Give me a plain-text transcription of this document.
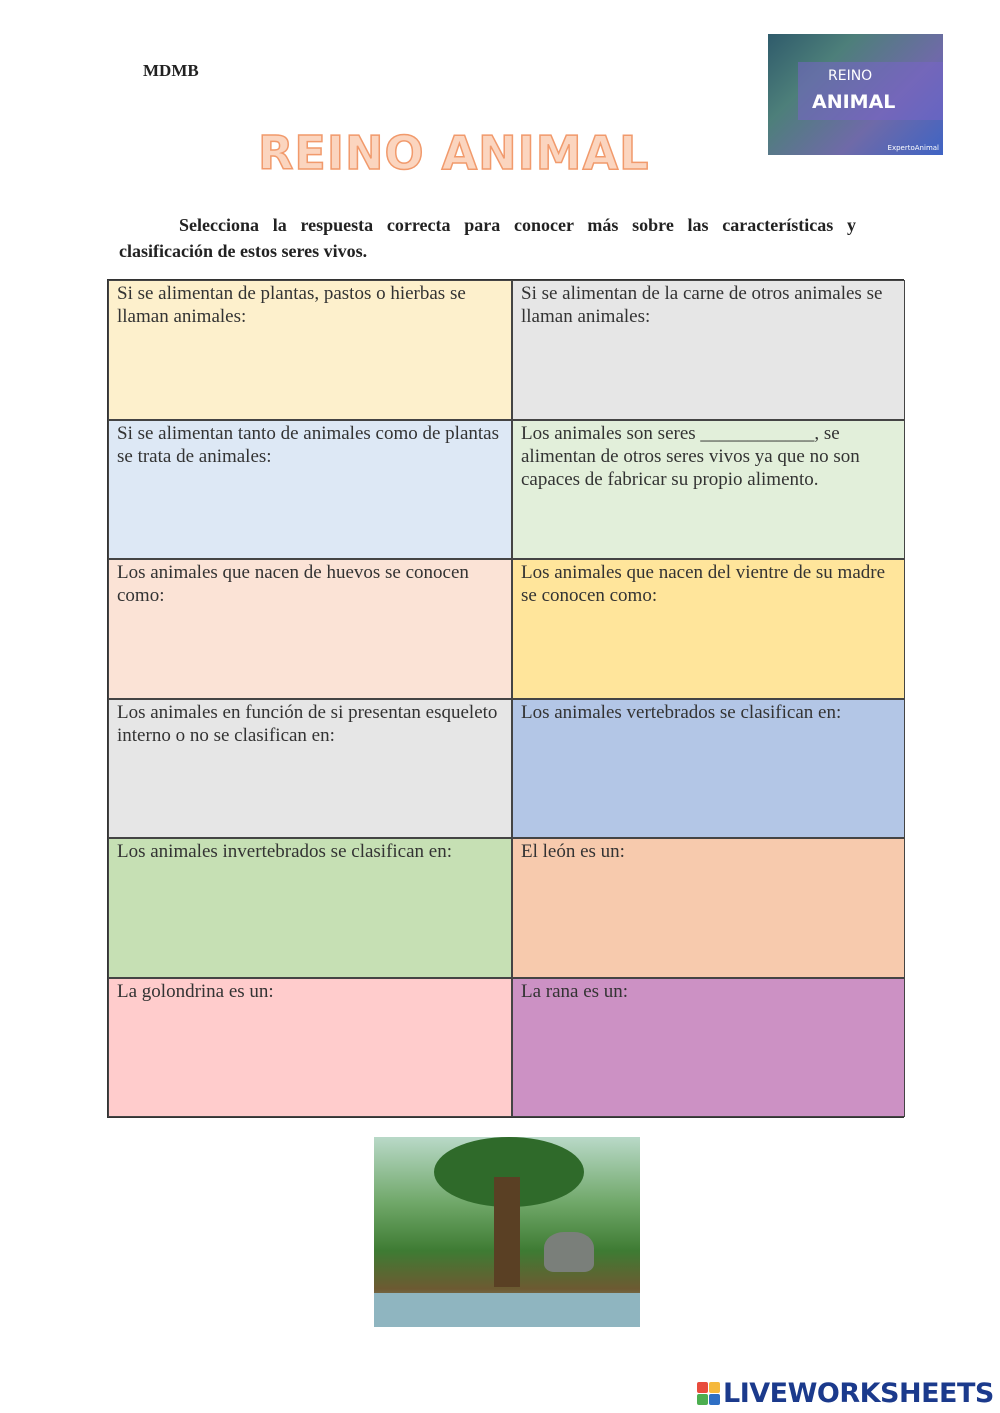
MDMB
REINO ANIMAL
REINO
ANIMAL
ExpertoAnimal

Selecciona la respuesta correcta para conocer más sobre las características y clasificación de estos seres vivos.

Si se alimentan de plantas, pastos o hierbas se llaman animales:
Si se alimentan de la carne de otros animales se llaman animales:
Si se alimentan tanto de animales como de plantas se trata de animales:
Los animales son seres ____________, se alimentan de otros seres vivos ya que no son capaces de fabricar su propio alimento.
Los animales que nacen de huevos se conocen como:
Los animales que nacen del vientre de su madre se conocen como:
Los animales en función de si presentan esqueleto interno o no se clasifican en:
Los animales vertebrados se clasifican en:
Los animales invertebrados se clasifican en:	El león es un:
La golondrina es un:	La rana es un:
LIVEWORKSHEETS
